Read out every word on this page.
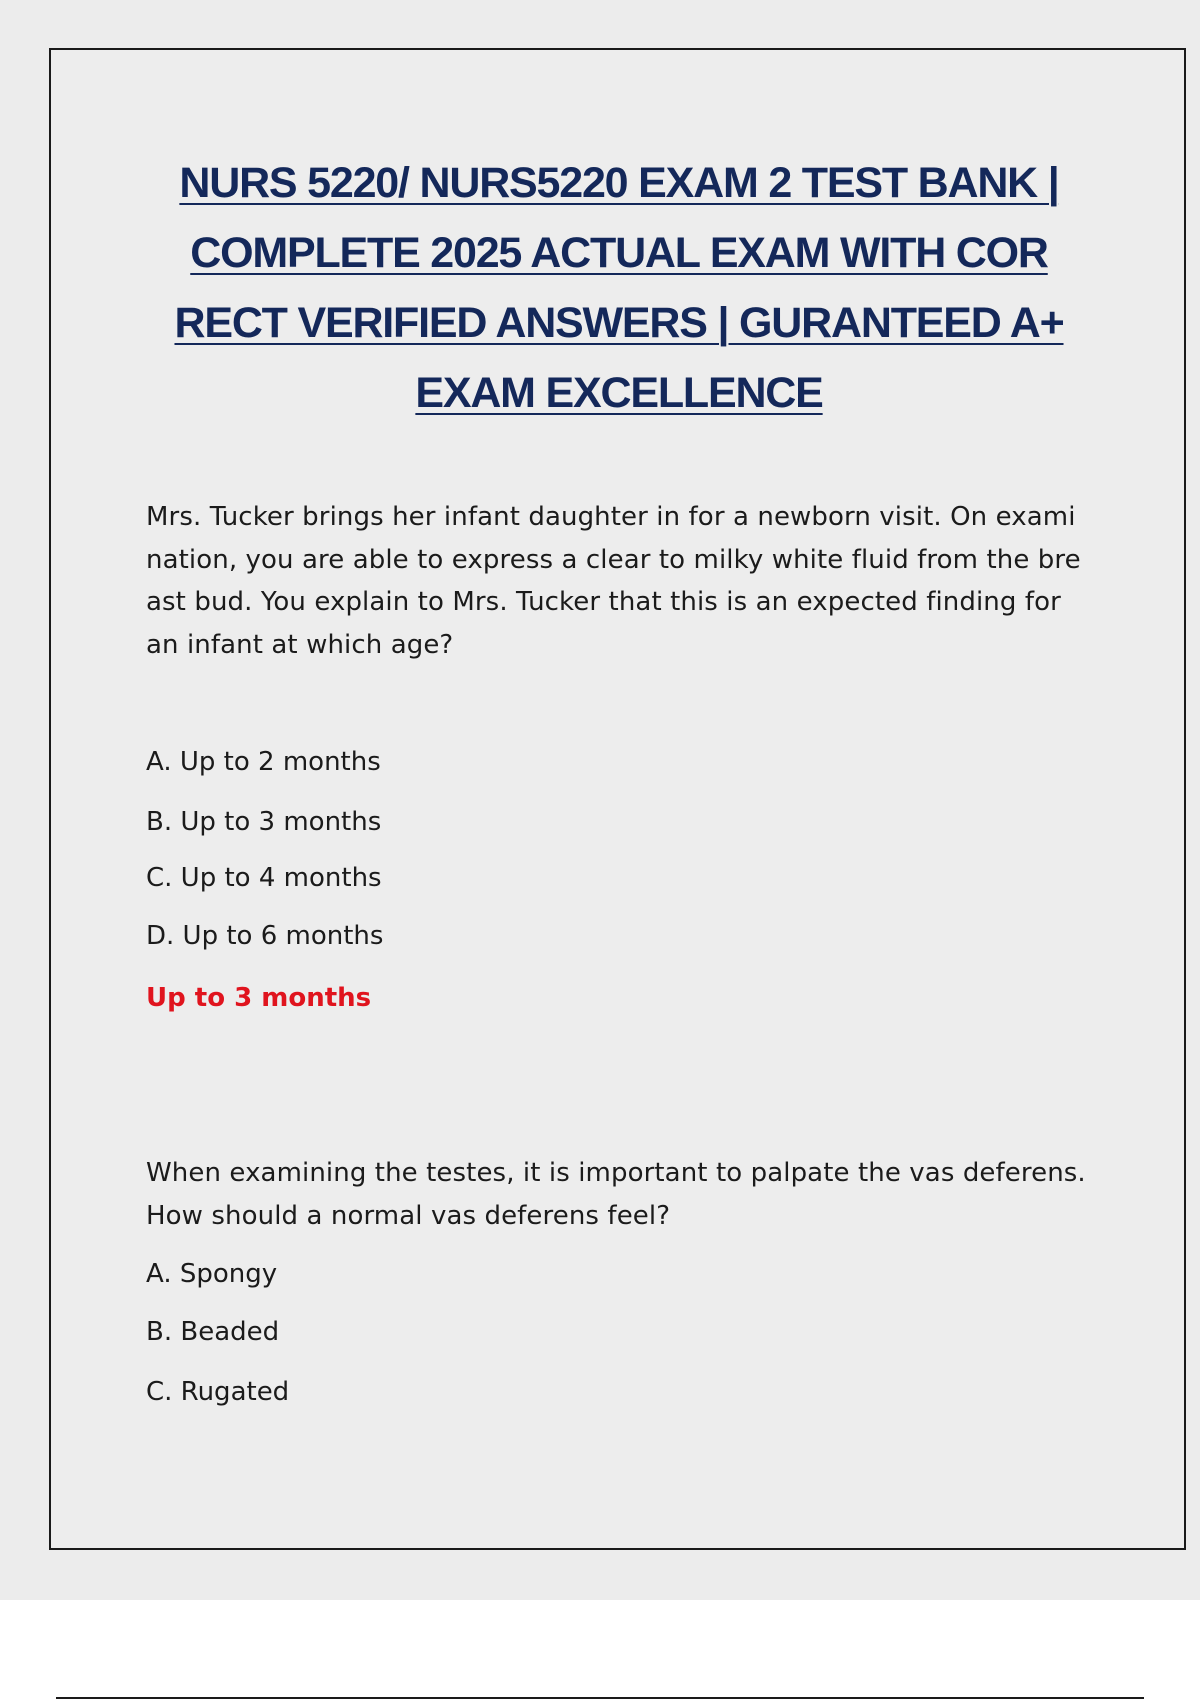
NURS 5220/ NURS5220 EXAM 2 TEST BANK | COMPLETE 2025 ACTUAL EXAM WITH COR RECT VERIFIED ANSWERS | GURANTEED A+ EXAM EXCELLENCE

Mrs. Tucker brings her infant daughter in for a newborn visit. On exami nation, you are able to express a clear to milky white fluid from the bre ast bud. You explain to Mrs. Tucker that this is an expected finding for an infant at which age?

A. Up to 2 months

B. Up to 3 months

C. Up to 4 months

D. Up to 6 months

Up to 3 months

When examining the testes, it is important to palpate the vas deferens. How should a normal vas deferens feel?

A. Spongy

B. Beaded

C. Rugated
